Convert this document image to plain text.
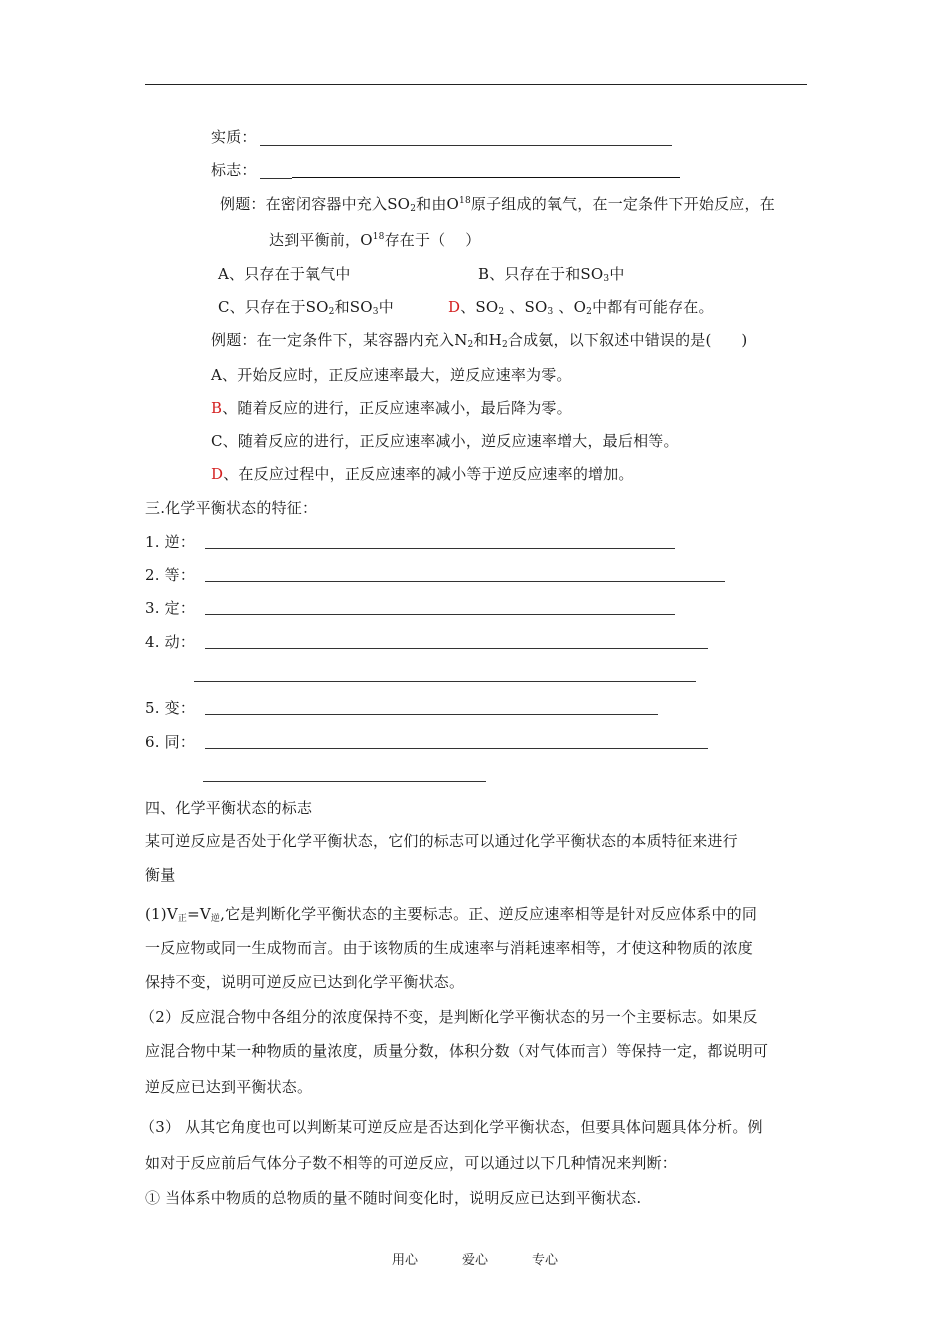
实质：
标志：
例题：在密闭容器中充入$SO_2$和由$O^{18}$原子组成的氧气，在一定条件下开始反应，在
达到平衡前，$O^{18}$存在于（ ）
A、只存在于氧气中	B、只存在于和$SO_3$中
C、只存在于$SO_2$和$SO_3$中	D、$SO_2$ 、$SO_3$ 、$O_2$中都有可能存在。
例题：在一定条件下，某容器内充入$N_2$和$H_2$合成氨，以下叙述中错误的是( )
A、开始反应时，正反应速率最大，逆反应速率为零。
B、随着反应的进行，正反应速率减小，最后降为零。
C、随着反应的进行，正反应速率减小，逆反应速率增大，最后相等。
D、在反应过程中，正反应速率的减小等于逆反应速率的增加。
三.化学平衡状态的特征：
1. 逆：
2. 等：
3. 定：
4. 动：
5. 变：
6. 同：
四、化学平衡状态的标志
某可逆反应是否处于化学平衡状态，它们的标志可以通过化学平衡状态的本质特征来进行
衡量
$(1)V_正=V_逆$,它是判断化学平衡状态的主要标志。正、逆反应速率相等是针对反应体系中的同
一反应物或同一生成物而言。由于该物质的生成速率与消耗速率相等，才使这种物质的浓度
保持不变，说明可逆反应已达到化学平衡状态。
（2）反应混合物中各组分的浓度保持不变，是判断化学平衡状态的另一个主要标志。如果反
应混合物中某一种物质的量浓度，质量分数，体积分数（对气体而言）等保持一定，都说明可
逆反应已达到平衡状态。
（3） 从其它角度也可以判断某可逆反应是否达到化学平衡状态，但要具体问题具体分析。例
如对于反应前后气体分子数不相等的可逆反应，可以通过以下几种情况来判断：
① 当体系中物质的总物质的量不随时间变化时，说明反应已达到平衡状态.
用心	爱心	专心
